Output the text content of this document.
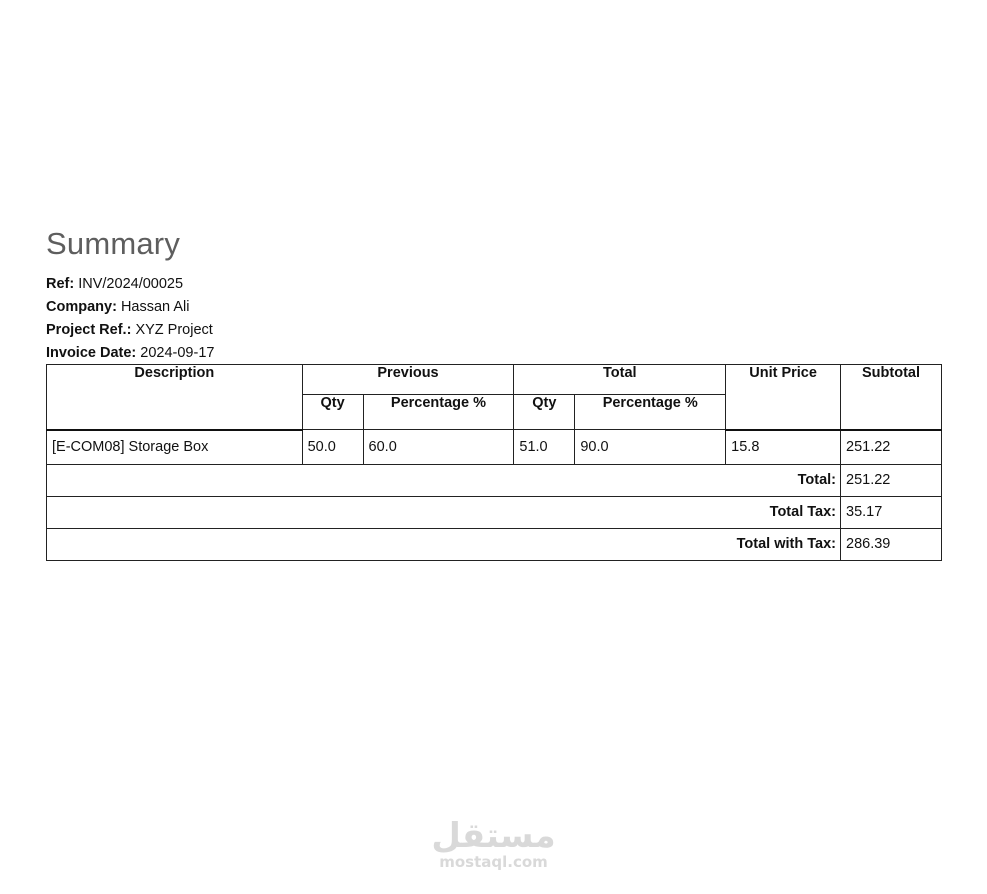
Summary
Ref: INV/2024/00025
Company: Hassan Ali
Project Ref.: XYZ Project
Invoice Date: 2024-09-17
Description	Previous		Total		Unit Price	Subtotal
	Qty	Percentage %	Qty	Percentage %		
[E-COM08] Storage Box	50.0	60.0	51.0	90.0	15.8	251.22
Total:						251.22
Total Tax:						35.17
Total with Tax:						286.39
مستقل
mostaql.com
